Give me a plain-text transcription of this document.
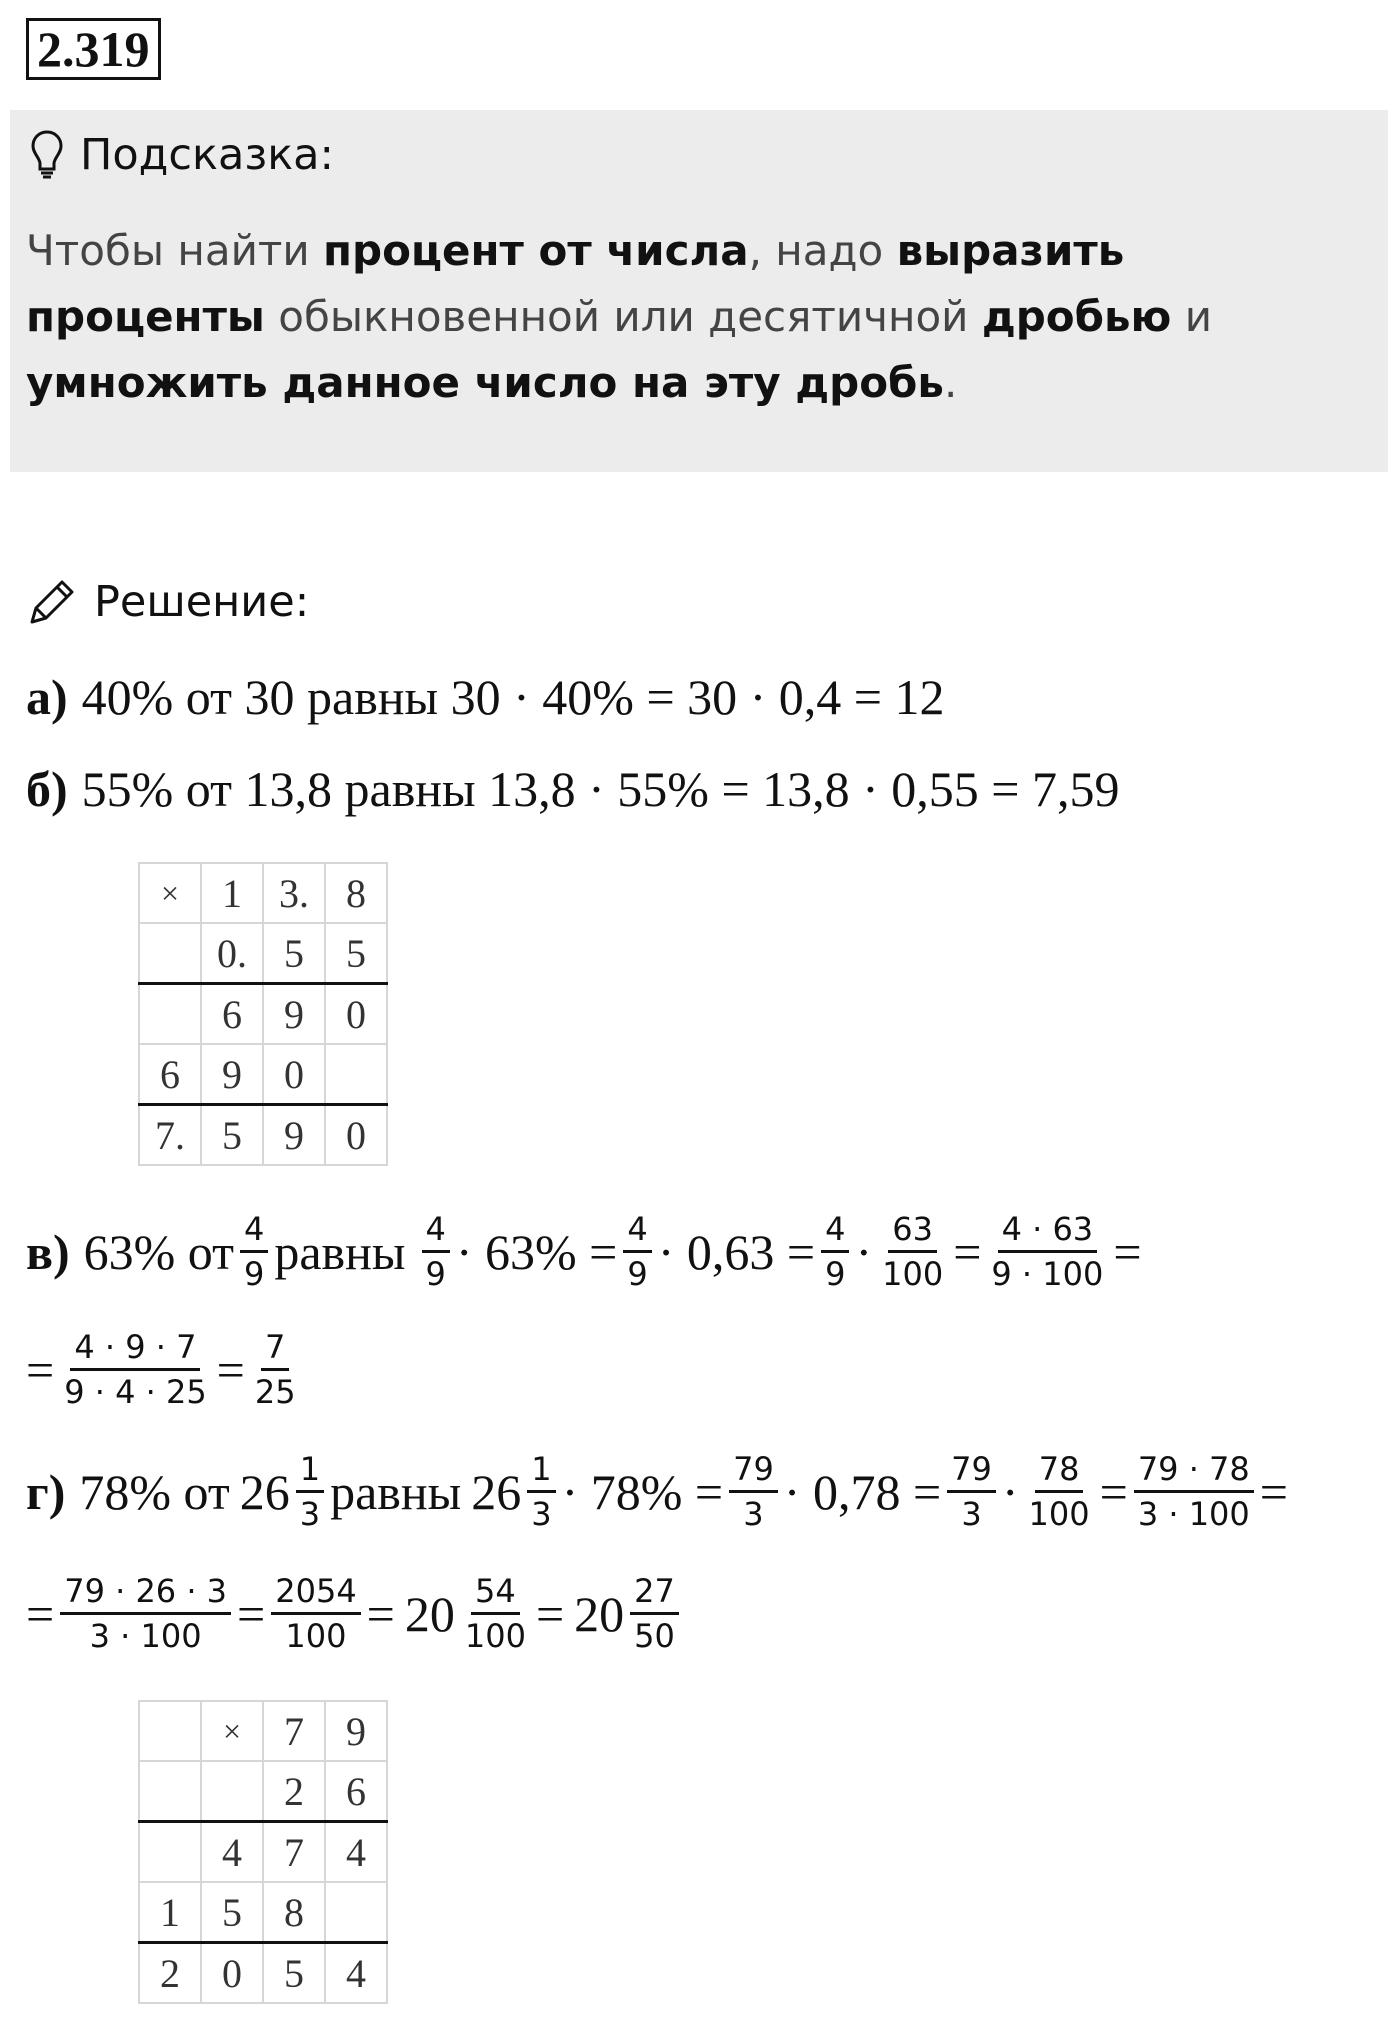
2.319
Подсказка:
Чтобы найти процент от числа, надо выразить проценты обыкновенной или десятичной дробью и умножить данное число на эту дробь.
Решение:
а) 40% от 30 равны 30 · 40% = 30 · 0,4 = 12
б) 55% от 13,8 равны 13,8 · 55% = 13,8 · 0,55 = 7,59
×	1	3.	8
	0.	5	5
	6	9	0
6	9	0	
7.	5	9	0
в) 63% от $\frac{4}{9}$ равны $\frac{4}{9} \cdot 63\% = \frac{4}{9} \cdot 0,63 = \frac{4}{9} \cdot \frac{63}{100} = \frac{4 \cdot 63}{9 \cdot 100}$ =
= $\frac{4 \cdot 9 \cdot 7}{9 \cdot 4 \cdot 25} = \frac{7}{25}$
г) 78% от $26 \frac{1}{3}$ равны $26 \frac{1}{3} \cdot 78\% = \frac{79}{3} \cdot 0,78 = \frac{79}{3} \cdot \frac{78}{100} = \frac{79 \cdot 78}{3 \cdot 100}$ =
= $\frac{79 \cdot 26 \cdot 3}{3 \cdot 100} = \frac{2054}{100} = 20 \frac{54}{100} = 20 \frac{27}{50}$
	×	7	9
		2	6
	4	7	4
1	5	8	
2	0	5	4
